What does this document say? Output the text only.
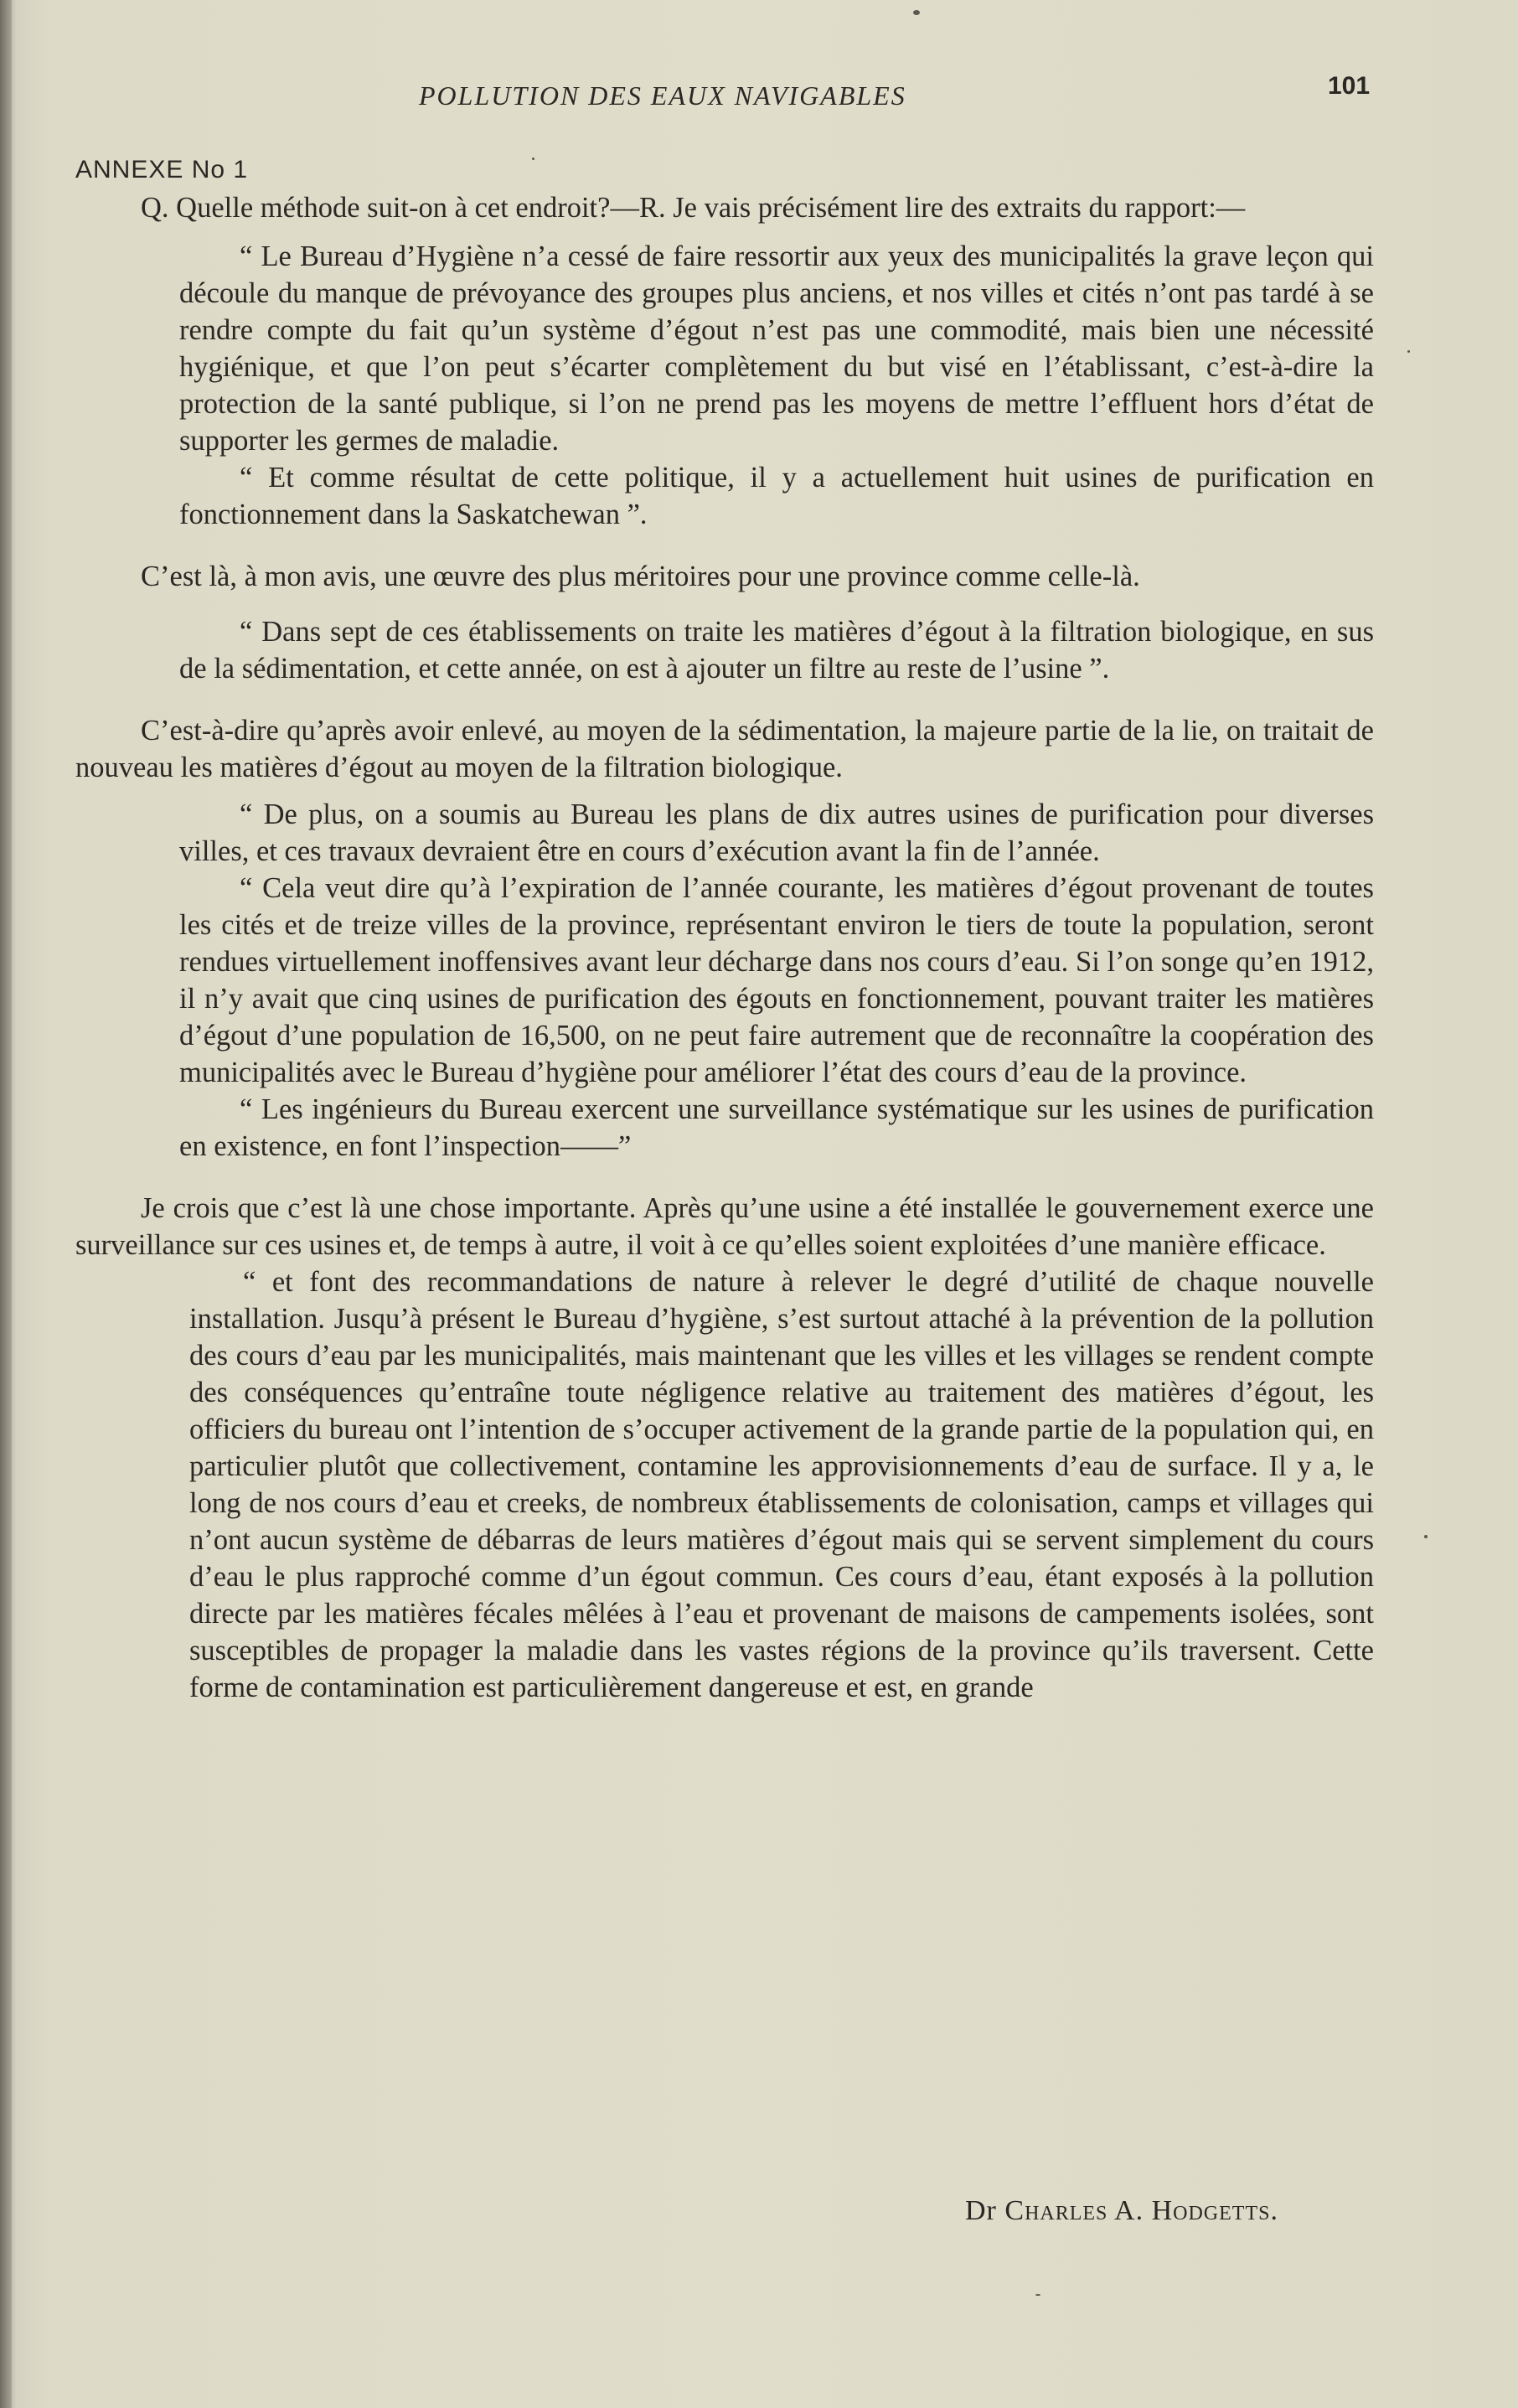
POLLUTION DES EAUX NAVIGABLES	101
ANNEXE No 1

Q. Quelle méthode suit-on à cet endroit?—R. Je vais précisément lire des extraits du rapport:—

“ Le Bureau d’Hygiène n’a cessé de faire ressortir aux yeux des municipalités la grave leçon qui découle du manque de prévoyance des groupes plus anciens, et nos villes et cités n’ont pas tardé à se rendre compte du fait qu’un système d’égout n’est pas une commodité, mais bien une nécessité hygiénique, et que l’on peut s’écarter complètement du but visé en l’établissant, c’est-à-dire la protection de la santé publique, si l’on ne prend pas les moyens de mettre l’effluent hors d’état de supporter les germes de maladie.

“ Et comme résultat de cette politique, il y a actuellement huit usines de purification en fonctionnement dans la Saskatchewan ”.

C’est là, à mon avis, une œuvre des plus méritoires pour une province comme celle-là.

“ Dans sept de ces établissements on traite les matières d’égout à la filtration biologique, en sus de la sédimentation, et cette année, on est à ajouter un filtre au reste de l’usine ”.

C’est-à-dire qu’après avoir enlevé, au moyen de la sédimentation, la majeure partie de la lie, on traitait de nouveau les matières d’égout au moyen de la filtration biologique.

“ De plus, on a soumis au Bureau les plans de dix autres usines de purification pour diverses villes, et ces travaux devraient être en cours d’exécution avant la fin de l’année.

“ Cela veut dire qu’à l’expiration de l’année courante, les matières d’égout provenant de toutes les cités et de treize villes de la province, représentant environ le tiers de toute la population, seront rendues virtuellement inoffensives avant leur décharge dans nos cours d’eau. Si l’on songe qu’en 1912, il n’y avait que cinq usines de purification des égouts en fonctionnement, pouvant traiter les matières d’égout d’une population de 16,500, on ne peut faire autrement que de reconnaître la coopération des municipalités avec le Bureau d’hygiène pour améliorer l’état des cours d’eau de la province.

“ Les ingénieurs du Bureau exercent une surveillance systématique sur les usines de purification en existence, en font l’inspection——”

Je crois que c’est là une chose importante. Après qu’une usine a été installée le gouvernement exerce une surveillance sur ces usines et, de temps à autre, il voit à ce qu’elles soient exploitées d’une manière efficace.

“ et font des recommandations de nature à relever le degré d’utilité de chaque nouvelle installation. Jusqu’à présent le Bureau d’hygiène, s’est surtout attaché à la prévention de la pollution des cours d’eau par les municipalités, mais maintenant que les villes et les villages se rendent compte des conséquences qu’entraîne toute négligence relative au traitement des matières d’égout, les officiers du bureau ont l’intention de s’occuper activement de la grande partie de la population qui, en particulier plutôt que collectivement, contamine les approvisionnements d’eau de surface. Il y a, le long de nos cours d’eau et creeks, de nombreux établissements de colonisation, camps et villages qui n’ont aucun système de débarras de leurs matières d’égout mais qui se servent simplement du cours d’eau le plus rapproché comme d’un égout commun. Ces cours d’eau, étant exposés à la pollution directe par les matières fécales mêlées à l’eau et provenant de maisons de campements isolées, sont susceptibles de propager la maladie dans les vastes régions de la province qu’ils traversent. Cette forme de contamination est particulièrement dangereuse et est, en grande

Dr Charles A. Hodgetts.
